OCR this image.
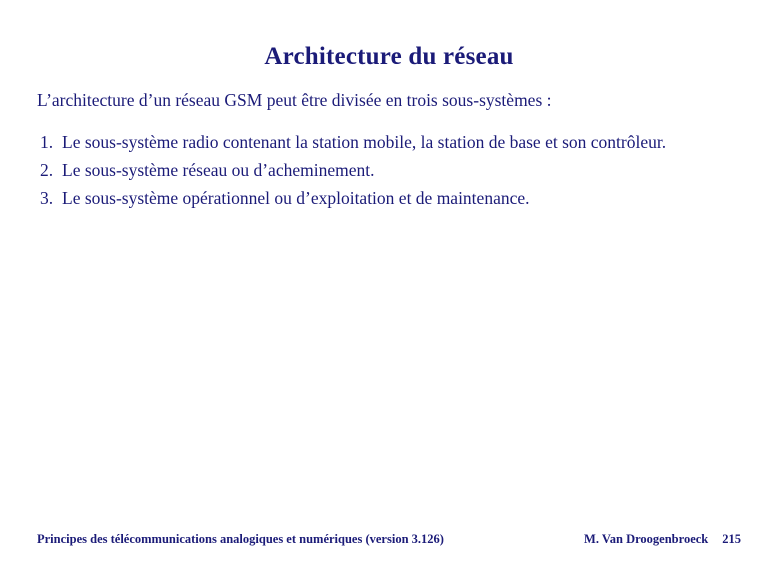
Architecture du réseau

L’architecture d’un réseau GSM peut être divisée en trois sous-systèmes :

1. Le sous-système radio contenant la station mobile, la station de base et son contrôleur.
2. Le sous-système réseau ou d’acheminement.
3. Le sous-système opérationnel ou d’exploitation et de maintenance.
Principes des télécommunications analogiques et numériques (version 3.126)	M. Van Droogenbroeck 215
